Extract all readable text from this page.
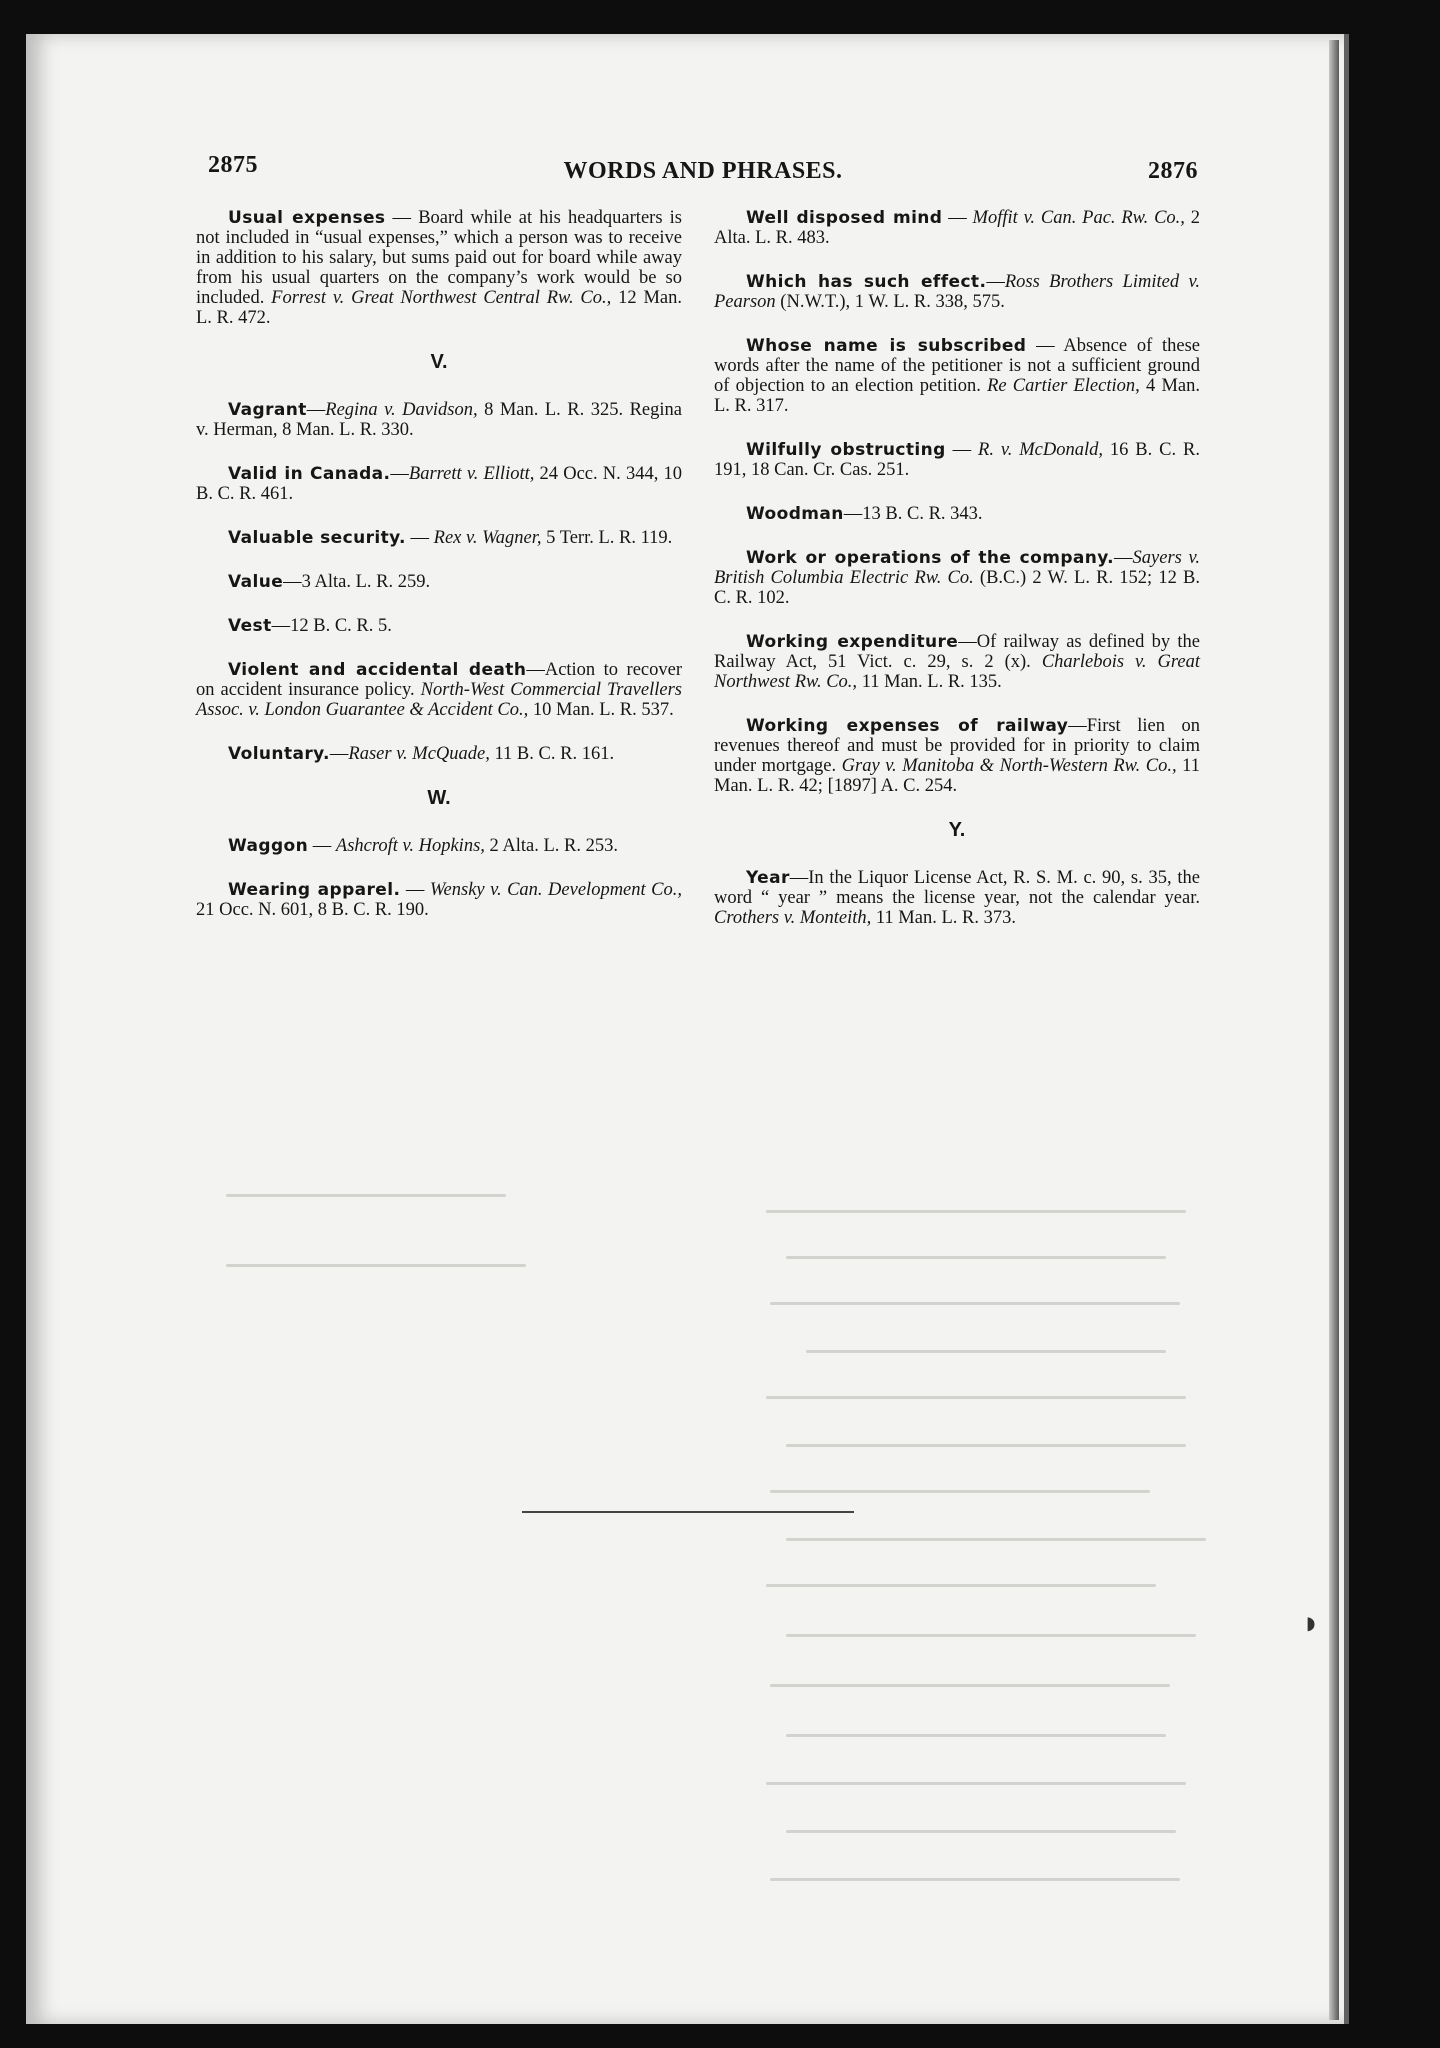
2875	WORDS AND PHRASES.	2876

Usual expenses — Board while at his headquarters is not included in “usual expenses,” which a person was to receive in addition to his salary, but sums paid out for board while away from his usual quarters on the company’s work would be so included. Forrest v. Great Northwest Central Rw. Co., 12 Man. L. R. 472.

V.

Vagrant—Regina v. Davidson, 8 Man. L. R. 325. Regina v. Herman, 8 Man. L. R. 330.

Valid in Canada.—Barrett v. Elliott, 24 Occ. N. 344, 10 B. C. R. 461.

Valuable security. — Rex v. Wagner, 5 Terr. L. R. 119.

Value—3 Alta. L. R. 259.

Vest—12 B. C. R. 5.

Violent and accidental death—Action to recover on accident insurance policy. North-West Commercial Travellers Assoc. v. London Guarantee & Accident Co., 10 Man. L. R. 537.

Voluntary.—Raser v. McQuade, 11 B. C. R. 161.

W.

Waggon — Ashcroft v. Hopkins, 2 Alta. L. R. 253.

Wearing apparel. — Wensky v. Can. Development Co., 21 Occ. N. 601, 8 B. C. R. 190.

Well disposed mind — Moffit v. Can. Pac. Rw. Co., 2 Alta. L. R. 483.

Which has such effect.—Ross Brothers Limited v. Pearson (N.W.T.), 1 W. L. R. 338, 575.

Whose name is subscribed — Absence of these words after the name of the petitioner is not a sufficient ground of objection to an election petition. Re Cartier Election, 4 Man. L. R. 317.

Wilfully obstructing — R. v. McDonald, 16 B. C. R. 191, 18 Can. Cr. Cas. 251.

Woodman—13 B. C. R. 343.

Work or operations of the company.—Sayers v. British Columbia Electric Rw. Co. (B.C.) 2 W. L. R. 152; 12 B. C. R. 102.

Working expenditure—Of railway as defined by the Railway Act, 51 Vict. c. 29, s. 2 (x). Charlebois v. Great Northwest Rw. Co., 11 Man. L. R. 135.

Working expenses of railway—First lien on revenues thereof and must be provided for in priority to claim under mortgage. Gray v. Manitoba & North-Western Rw. Co., 11 Man. L. R. 42; [1897] A. C. 254.

Y.

Year—In the Liquor License Act, R. S. M. c. 90, s. 35, the word “ year ” means the license year, not the calendar year. Crothers v. Monteith, 11 Man. L. R. 373.

◗
